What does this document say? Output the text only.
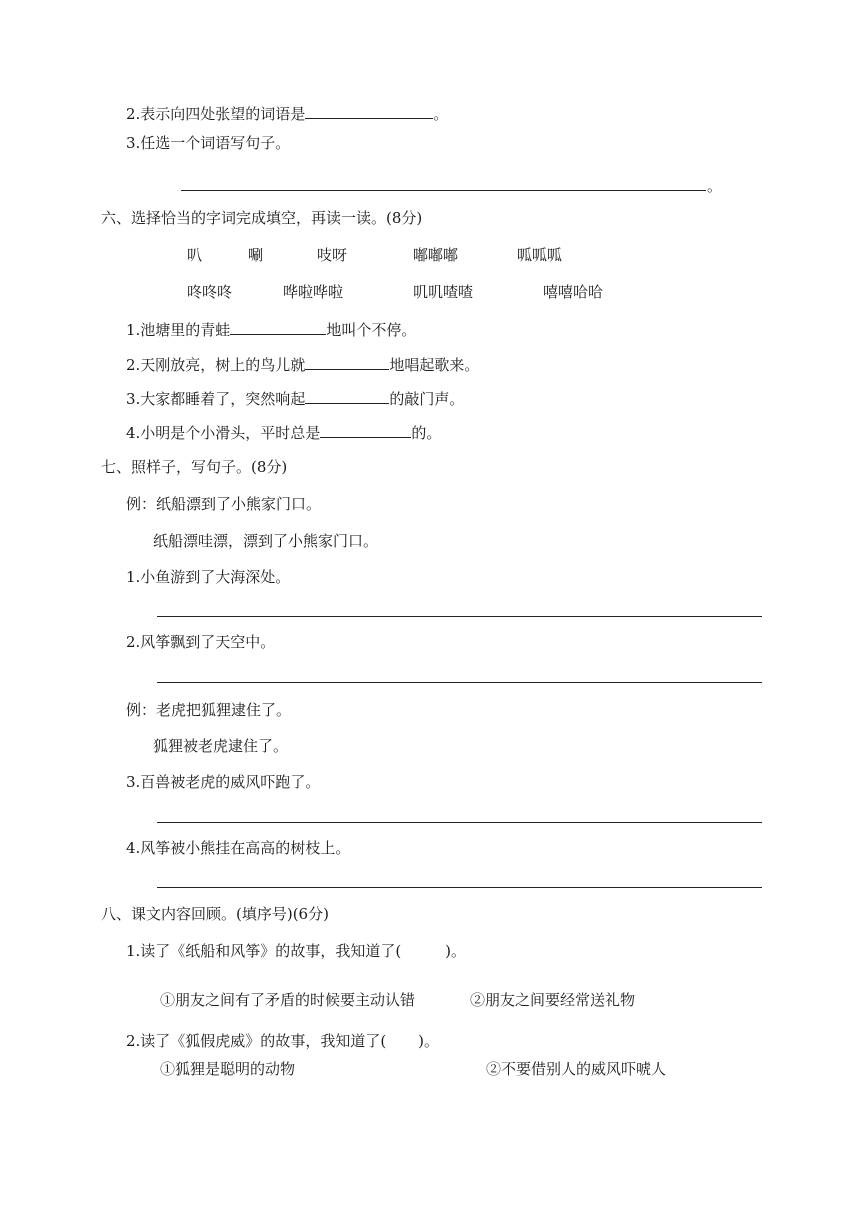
2.表示向四处张望的词语是	。
3.任选一个词语写句子。
。
六、选择恰当的字词完成填空，再读一读。(8分)
叭	唰	吱呀	嘟嘟嘟	呱呱呱
咚咚咚	哗啦哗啦	叽叽喳喳	嘻嘻哈哈
1.池塘里的青蛙	地叫个不停。
2.天刚放亮，树上的鸟儿就	地唱起歌来。
3.大家都睡着了，突然响起	的敲门声。
4.小明是个小滑头，平时总是	的。
七、照样子，写句子。(8分)
例：纸船漂到了小熊家门口。
纸船漂哇漂，漂到了小熊家门口。
1.小鱼游到了大海深处。
2.风筝飘到了天空中。
例：老虎把狐狸逮住了。
狐狸被老虎逮住了。
3.百兽被老虎的威风吓跑了。
4.风筝被小熊挂在高高的树枝上。
八、课文内容回顾。(填序号)(6分)
1.读了《纸船和风筝》的故事，我知道了(	)。
①朋友之间有了矛盾的时候要主动认错	②朋友之间要经常送礼物
2.读了《狐假虎威》的故事，我知道了( )。
①狐狸是聪明的动物	②不要借别人的威风吓唬人
